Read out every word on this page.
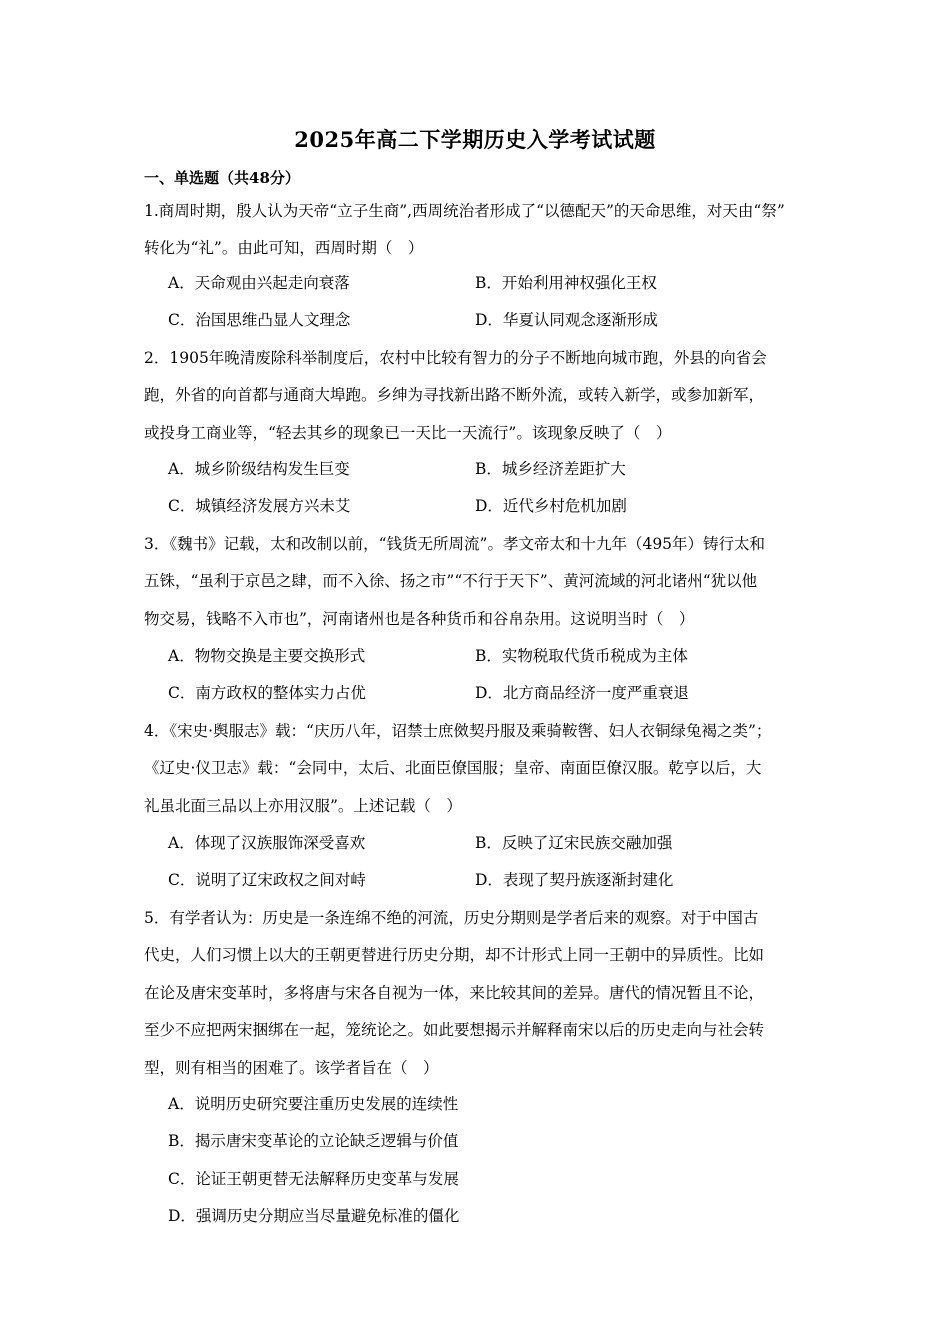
2025年高二下学期历史入学考试试题
一、单选题（共48分）
1.商周时期，殷人认为天帝“立子生商”,西周统治者形成了“以德配天”的天命思维，对天由“祭”
转化为“礼”。由此可知，西周时期（　）
A．天命观由兴起走向衰落	B．开始利用神权强化王权
C．治国思维凸显人文理念	D．华夏认同观念逐渐形成
2．1905年晚清废除科举制度后，农村中比较有智力的分子不断地向城市跑，外县的向省会
跑，外省的向首都与通商大埠跑。乡绅为寻找新出路不断外流，或转入新学，或参加新军，
或投身工商业等，“轻去其乡的现象已一天比一天流行”。该现象反映了（　）
A．城乡阶级结构发生巨变	B．城乡经济差距扩大
C．城镇经济发展方兴未艾	D．近代乡村危机加剧
3．《魏书》记载，太和改制以前，“钱货无所周流”。孝文帝太和十九年（495年）铸行太和
五铢，“虽利于京邑之肆，而不入徐、扬之市”“不行于天下”、黄河流域的河北诸州“犹以他
物交易，钱略不入市也”，河南诸州也是各种货币和谷帛杂用。这说明当时（　）
A．物物交换是主要交换形式	B．实物税取代货币税成为主体
C．南方政权的整体实力占优	D．北方商品经济一度严重衰退
4．《宋史·舆服志》载：“庆历八年，诏禁士庶傚契丹服及乘骑鞍辔、妇人衣铜绿兔褐之类”；
《辽史·仪卫志》载：“会同中，太后、北面臣僚国服；皇帝、南面臣僚汉服。乾亨以后，大
礼虽北面三品以上亦用汉服”。上述记载（　）
A．体现了汉族服饰深受喜欢	B．反映了辽宋民族交融加强
C．说明了辽宋政权之间对峙	D．表现了契丹族逐渐封建化
5．有学者认为：历史是一条连绵不绝的河流，历史分期则是学者后来的观察。对于中国古
代史，人们习惯上以大的王朝更替进行历史分期，却不计形式上同一王朝中的异质性。比如
在论及唐宋变革时，多将唐与宋各自视为一体，来比较其间的差异。唐代的情况暂且不论，
至少不应把两宋捆绑在一起，笼统论之。如此要想揭示并解释南宋以后的历史走向与社会转
型，则有相当的困难了。该学者旨在（　）
A．说明历史研究要注重历史发展的连续性
B．揭示唐宋变革论的立论缺乏逻辑与价值
C．论证王朝更替无法解释历史变革与发展
D．强调历史分期应当尽量避免标准的僵化
